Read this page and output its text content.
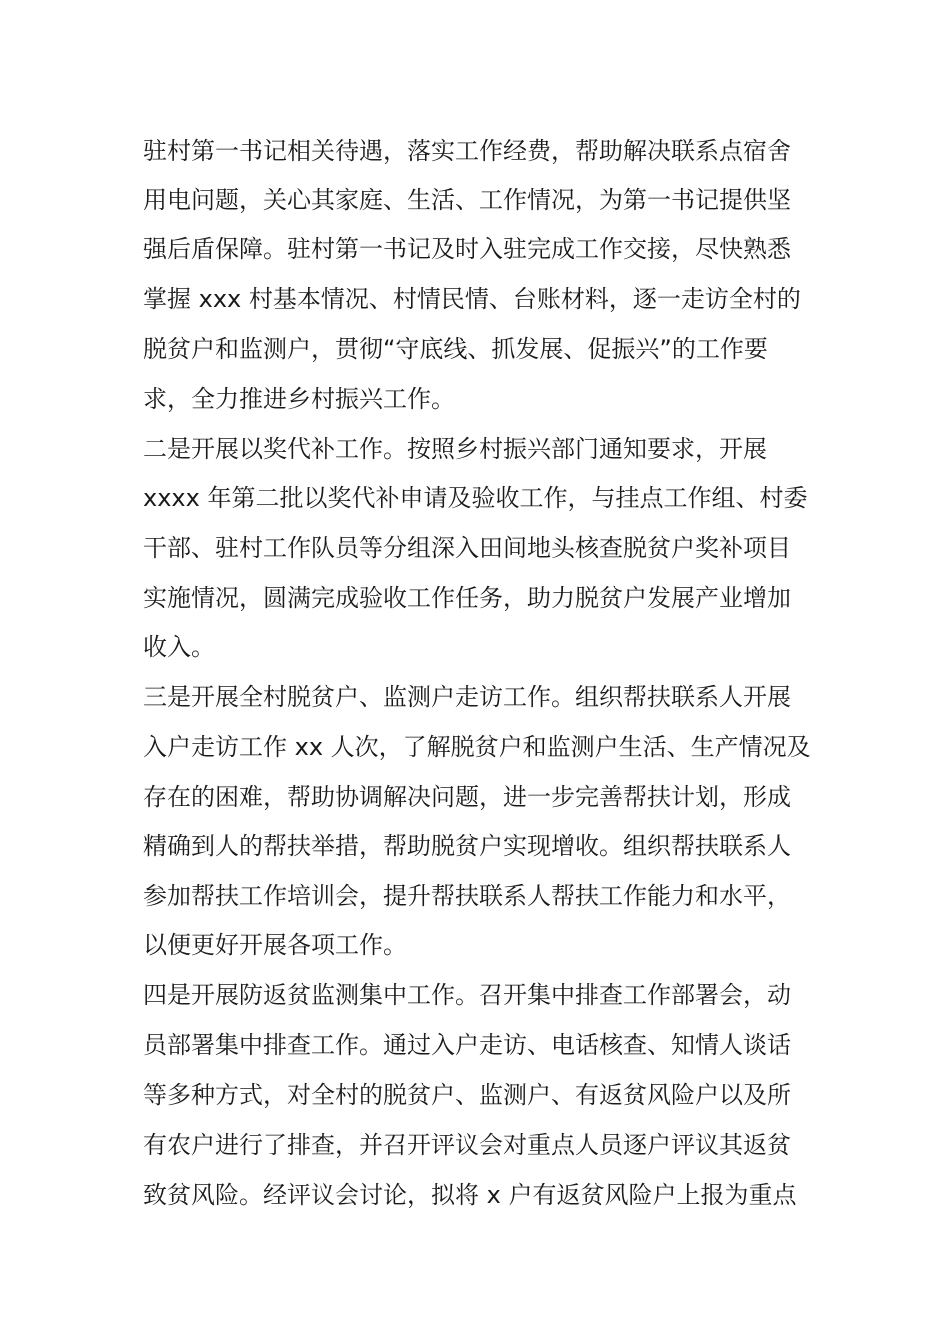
驻村第一书记相关待遇，落实工作经费，帮助解决联系点宿舍
用电问题，关心其家庭、生活、工作情况，为第一书记提供坚
强后盾保障。驻村第一书记及时入驻完成工作交接，尽快熟悉
掌握 xxx 村基本情况、村情民情、台账材料，逐一走访全村的
脱贫户和监测户，贯彻“守底线、抓发展、促振兴”的工作要
求，全力推进乡村振兴工作。
二是开展以奖代补工作。按照乡村振兴部门通知要求，开展
xxxx 年第二批以奖代补申请及验收工作，与挂点工作组、村委
干部、驻村工作队员等分组深入田间地头核查脱贫户奖补项目
实施情况，圆满完成验收工作任务，助力脱贫户发展产业增加
收入。
三是开展全村脱贫户、监测户走访工作。组织帮扶联系人开展
入户走访工作 xx 人次，了解脱贫户和监测户生活、生产情况及
存在的困难，帮助协调解决问题，进一步完善帮扶计划，形成
精确到人的帮扶举措，帮助脱贫户实现增收。组织帮扶联系人
参加帮扶工作培训会，提升帮扶联系人帮扶工作能力和水平，
以便更好开展各项工作。
四是开展防返贫监测集中工作。召开集中排查工作部署会，动
员部署集中排查工作。通过入户走访、电话核查、知情人谈话
等多种方式，对全村的脱贫户、监测户、有返贫风险户以及所
有农户进行了排查，并召开评议会对重点人员逐户评议其返贫
致贫风险。经评议会讨论，拟将 x 户有返贫风险户上报为重点
